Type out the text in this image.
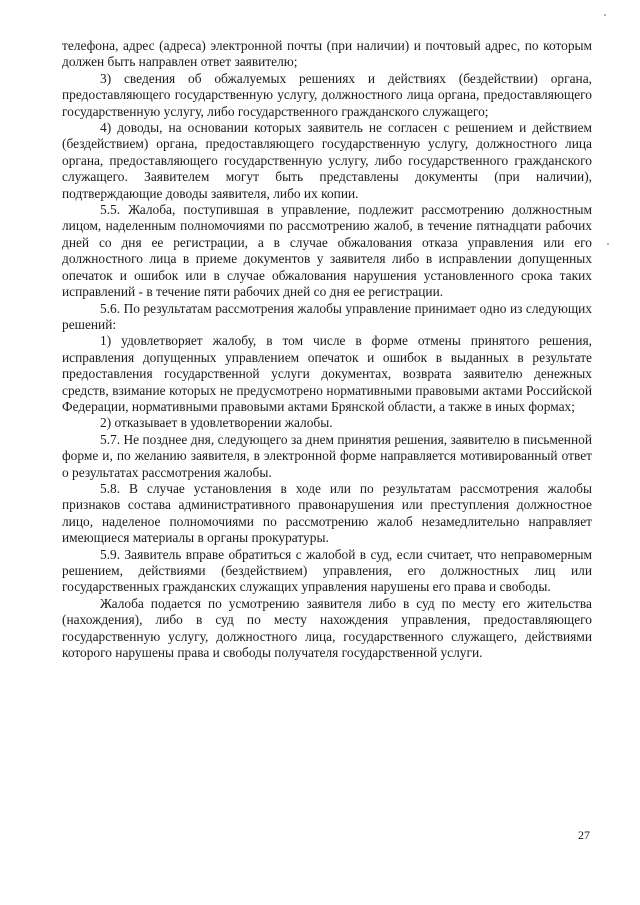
телефона, адрес (адреса) электронной почты (при наличии) и почтовый адрес, по которым должен быть направлен ответ заявителю;

3) сведения об обжалуемых решениях и действиях (бездействии) органа, предоставляющего государственную услугу, должностного лица органа, предоставляющего государственную услугу, либо государственного гражданского служащего;

4) доводы, на основании которых заявитель не согласен с решением и действием (бездействием) органа, предоставляющего государственную услугу, должностного лица органа, предоставляющего государственную услугу, либо государственного гражданского служащего. Заявителем могут быть представлены документы (при наличии), подтверждающие доводы заявителя, либо их копии.

5.5. Жалоба, поступившая в управление, подлежит рассмотрению должностным лицом, наделенным полномочиями по рассмотрению жалоб, в течение пятнадцати рабочих дней со дня ее регистрации, а в случае обжалования отказа управления или его должностного лица в приеме документов у заявителя либо в исправлении допущенных опечаток и ошибок или в случае обжалования нарушения установленного срока таких исправлений - в течение пяти рабочих дней со дня ее регистрации.

5.6. По результатам рассмотрения жалобы управление принимает одно из следующих решений:

1) удовлетворяет жалобу, в том числе в форме отмены принятого решения, исправления допущенных управлением опечаток и ошибок в выданных в результате предоставления государственной услуги документах, возврата заявителю денежных средств, взимание которых не предусмотрено нормативными правовыми актами Российской Федерации, нормативными правовыми актами Брянской области, а также в иных формах;

2) отказывает в удовлетворении жалобы.

5.7. Не позднее дня, следующего за днем принятия решения, заявителю в письменной форме и, по желанию заявителя, в электронной форме направляется мотивированный ответ о результатах рассмотрения жалобы.

5.8. В случае установления в ходе или по результатам рассмотрения жалобы признаков состава административного правонарушения или преступления должностное лицо, наделеное полномочиями по рассмотрению жалоб незамедлительно направляет имеющиеся материалы в органы прокуратуры.

5.9. Заявитель вправе обратиться с жалобой в суд, если считает, что неправомерным решением, действиями (бездействием) управления, его должностных лиц или государственных гражданских служащих управления нарушены его права и свободы.

Жалоба подается по усмотрению заявителя либо в суд по месту его жительства (нахождения), либо в суд по месту нахождения управления, предоставляющего государственную услугу, должностного лица, государственного служащего, действиями которого нарушены права и свободы получателя государственной услуги.

27
